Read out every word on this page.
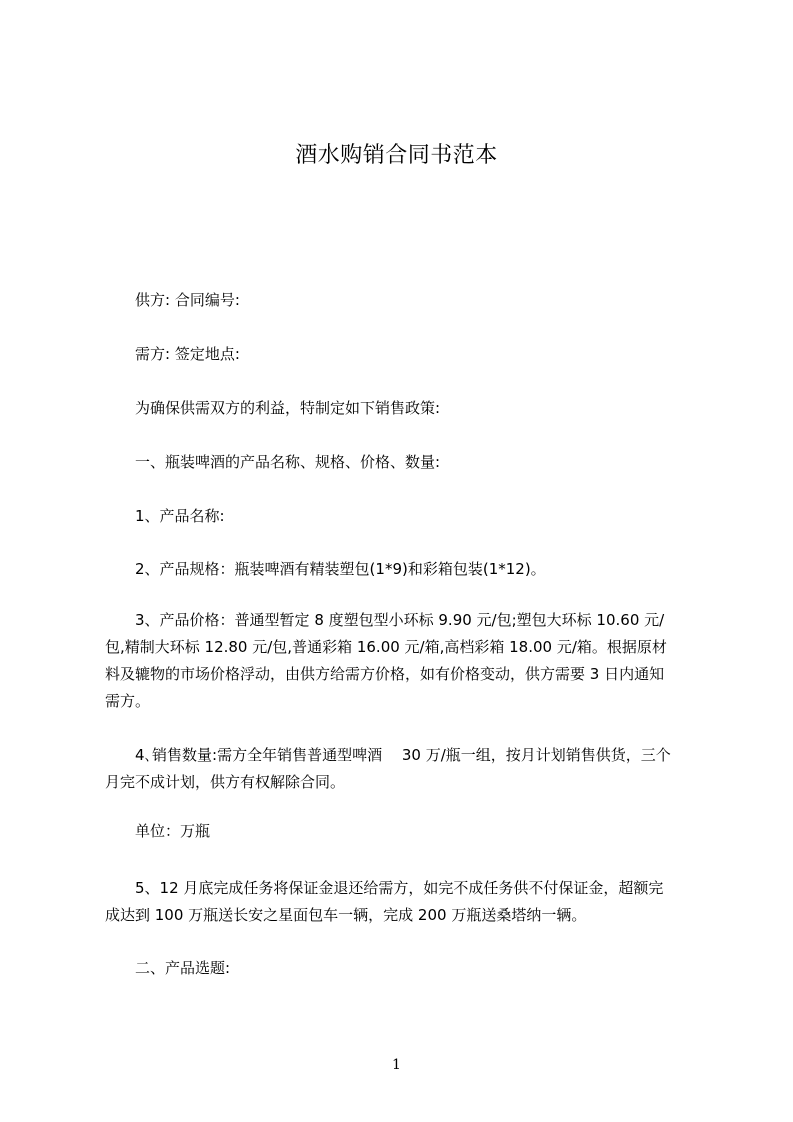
酒水购销合同书范本
供方: 合同编号:
需方: 签定地点:
为确保供需双方的利益，特制定如下销售政策:
一、瓶装啤酒的产品名称、规格、价格、数量:
1、产品名称:
2、产品规格：瓶装啤酒有精装塑包(1*9)和彩箱包装(1*12)。
3、产品价格：普通型暂定 8 度塑包型小环标 9.90 元/包;塑包大环标 10.60 元/
包,精制大环标 12.80 元/包,普通彩箱 16.00 元/箱,高档彩箱 18.00 元/箱。根据原材
料及辘物的市场价格浮动，由供方给需方价格，如有价格变动，供方需要 3 日内通知
需方。
4､销售数量:需方全年销售普通型啤酒　 30 万/瓶一组，按月计划销售供货，三个
月完不成计划，供方有权解除合同。
单位：万瓶
5、12 月底完成任务将保证金退还给需方，如完不成任务供不付保证金，超额完
成达到 100 万瓶送长安之星面包车一辆，完成 200 万瓶送桑塔纳一辆。
二、产品选题:
1
